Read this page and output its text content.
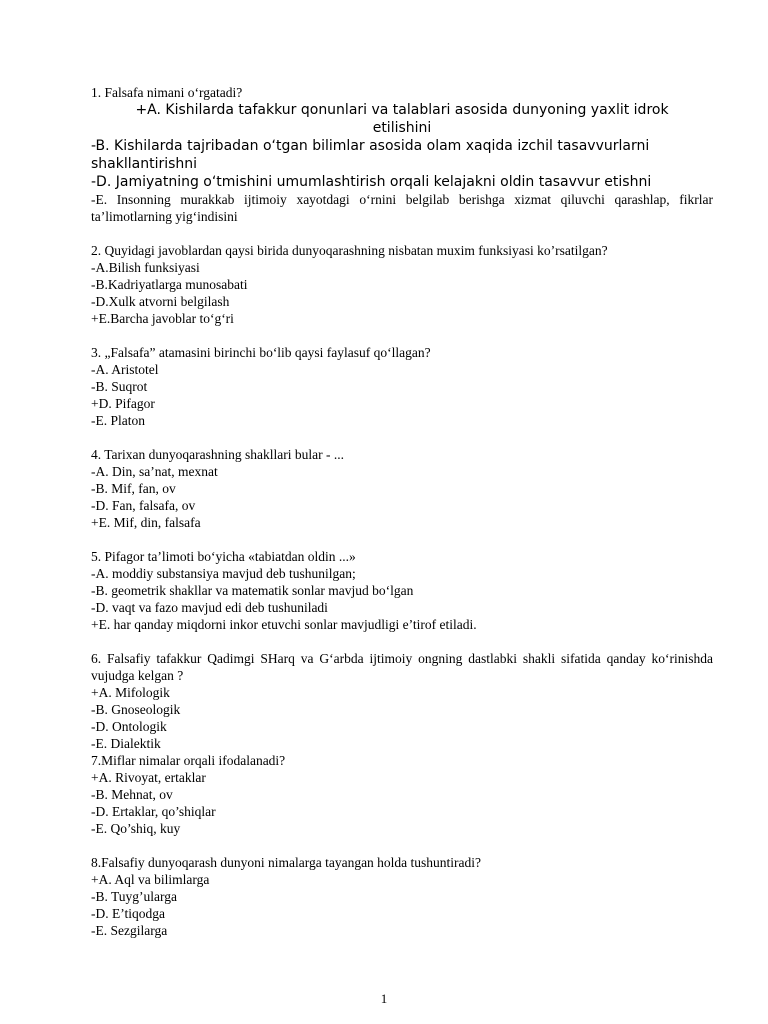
1. Falsafa nimani o‘rgatadi?

+A. Kishilarda tafakkur qonunlari va talablari asosida dunyoning yaxlit idrok etilishini

-B. Kishilarda tajribadan o‘tgan bilimlar asosida olam xaqida izchil tasavvurlarni shakllantirishni

-D. Jamiyatning o‘tmishini umumlashtirish orqali kelajakni oldin tasavvur etishni

-E. Insonning murakkab ijtimoiy xayotdagi o‘rnini belgilab berishga xizmat qiluvchi qarashlap, fikrlar ta’limotlarning yig‘indisini

2. Quyidagi javoblardan qaysi birida dunyoqarashning nisbatan muxim funksiyasi ko’rsatilgan?

-A.Bilish funksiyasi

-B.Kadriyatlarga munosabati

-D.Xulk atvorni belgilash

+E.Barcha javoblar to‘g‘ri

3. „Falsafa” atamasini birinchi bo‘lib qaysi faylasuf qo‘llagan?

-A. Aristotel

-B. Suqrot

+D. Pifagor

-E. Platon

4. Tarixan dunyoqarashning shakllari bular - ...

-A. Din, sa’nat, mexnat

-B. Mif, fan, ov

-D. Fan, falsafa, ov

+E. Mif, din, falsafa

5. Pifagor ta’limoti bo‘yicha «tabiatdan oldin ...»

-A. moddiy substansiya mavjud deb tushunilgan;

-B. geometrik shakllar va matematik sonlar mavjud bo‘lgan

-D. vaqt va fazo mavjud edi deb tushuniladi

+E. har qanday miqdorni inkor etuvchi sonlar mavjudligi e’tirof etiladi.

6. Falsafiy tafakkur Qadimgi SHarq va G‘arbda ijtimoiy ongning dastlabki shakli sifatida qanday ko‘rinishda vujudga kelgan ?

+A. Mifologik

-B. Gnoseologik

-D. Ontologik

-E. Dialektik

7.Miflar nimalar orqali ifodalanadi?

+A. Rivoyat, ertaklar

-B. Mehnat, ov

-D. Ertaklar, qo’shiqlar

-E. Qo’shiq, kuy

8.Falsafiy dunyoqarash dunyoni nimalarga tayangan holda tushuntiradi?

+A. Aql va bilimlarga

-B. Tuyg’ularga

-D. E’tiqodga

-E. Sezgilarga

1
